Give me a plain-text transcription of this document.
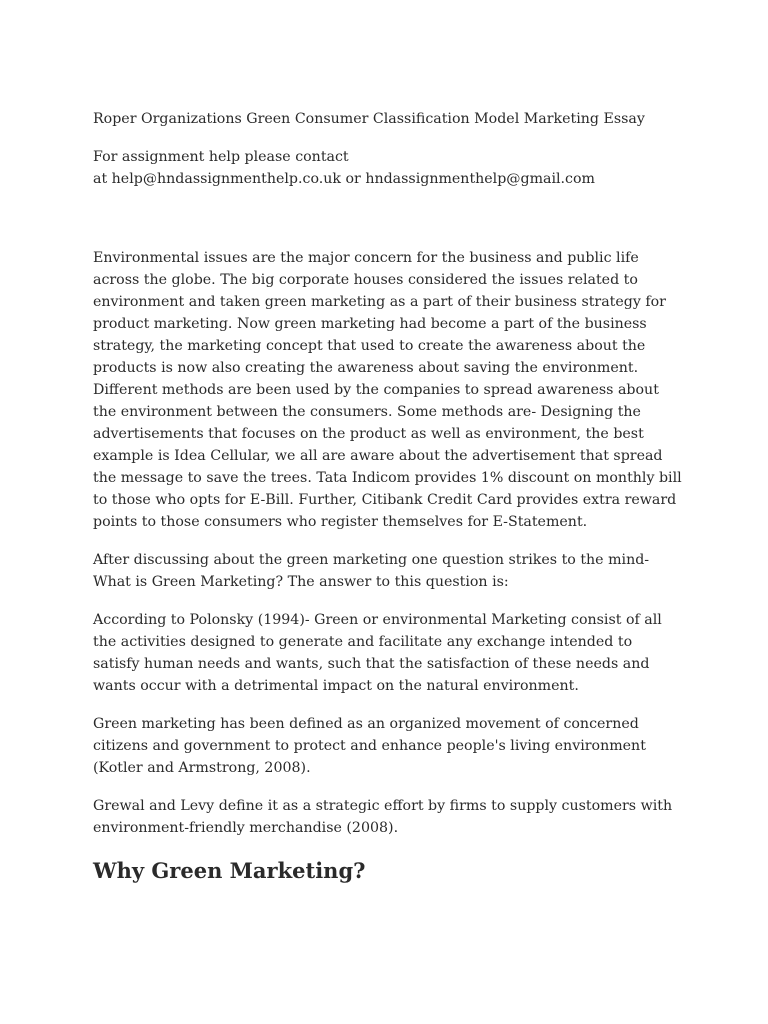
Roper Organizations Green Consumer Classification Model Marketing Essay

For assignment help please contact
at help@hndassignmenthelp.co.uk or hndassignmenthelp@gmail.com

Environmental issues are the major concern for the business and public life across the globe. The big corporate houses considered the issues related to environment and taken green marketing as a part of their business strategy for product marketing. Now green marketing had become a part of the business strategy, the marketing concept that used to create the awareness about the products is now also creating the awareness about saving the environment. Different methods are been used by the companies to spread awareness about the environment between the consumers. Some methods are- Designing the advertisements that focuses on the product as well as environment, the best example is Idea Cellular, we all are aware about the advertisement that spread the message to save the trees. Tata Indicom provides 1% discount on monthly bill to those who opts for E-Bill. Further, Citibank Credit Card provides extra reward points to those consumers who register themselves for E-Statement.

After discussing about the green marketing one question strikes to the mind- What is Green Marketing? The answer to this question is:

According to Polonsky (1994)- Green or environmental Marketing consist of all the activities designed to generate and facilitate any exchange intended to satisfy human needs and wants, such that the satisfaction of these needs and wants occur with a detrimental impact on the natural environment.

Green marketing has been defined as an organized movement of concerned citizens and government to protect and enhance people's living environment (Kotler and Armstrong, 2008).

Grewal and Levy define it as a strategic effort by firms to supply customers with environment-friendly merchandise (2008).

Why Green Marketing?
